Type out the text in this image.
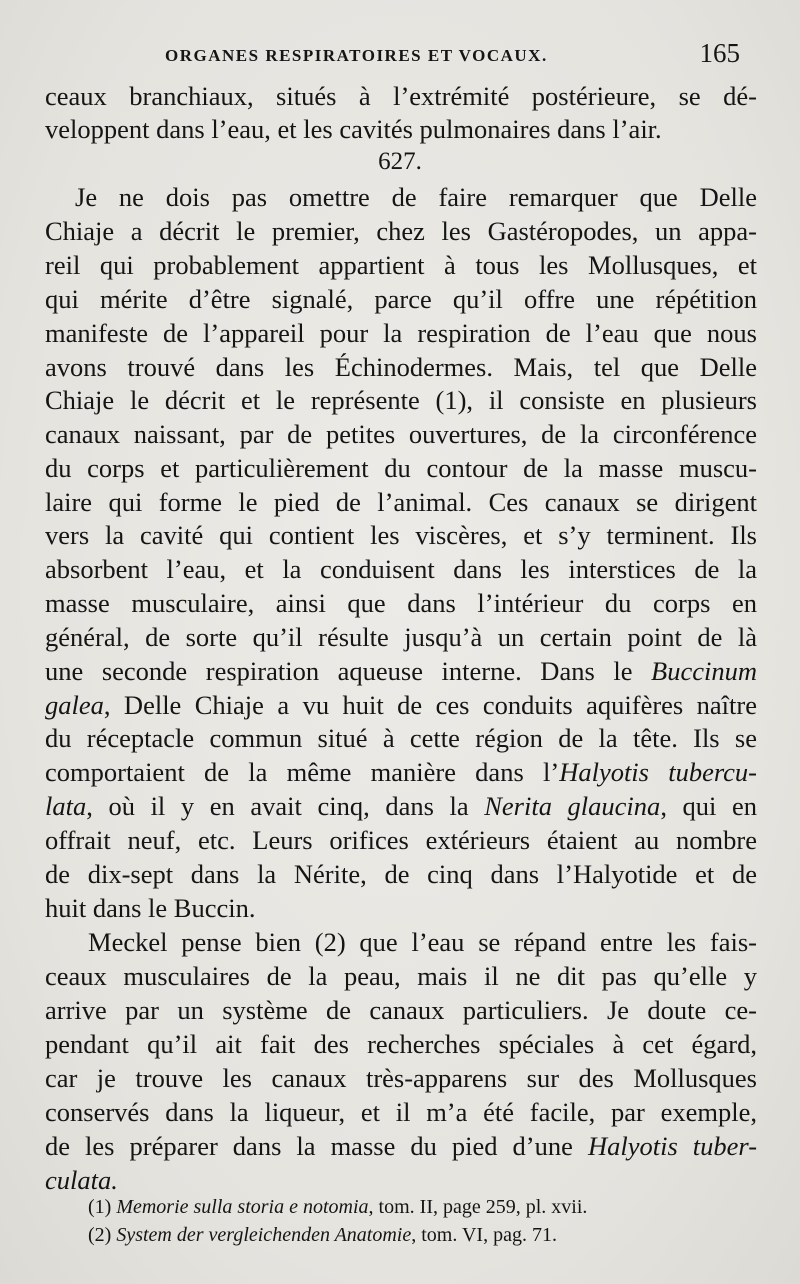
ORGANES RESPIRATOIRES ET VOCAUX.	165
ceaux branchiaux, situés à l’extrémité postérieure, se dé-
veloppent dans l’eau, et les cavités pulmonaires dans l’air.
627.
Je ne dois pas omettre de faire remarquer que Delle
Chiaje a décrit le premier, chez les Gastéropodes, un appa-
reil qui probablement appartient à tous les Mollusques, et
qui mérite d’être signalé, parce qu’il offre une répétition
manifeste de l’appareil pour la respiration de l’eau que nous
avons trouvé dans les Échinodermes. Mais, tel que Delle
Chiaje le décrit et le représente (1), il consiste en plusieurs
canaux naissant, par de petites ouvertures, de la circonférence
du corps et particulièrement du contour de la masse muscu-
laire qui forme le pied de l’animal. Ces canaux se dirigent
vers la cavité qui contient les viscères, et s’y terminent. Ils
absorbent l’eau, et la conduisent dans les interstices de la
masse musculaire, ainsi que dans l’intérieur du corps en
général, de sorte qu’il résulte jusqu’à un certain point de là
une seconde respiration aqueuse interne. Dans le Buccinum
galea, Delle Chiaje a vu huit de ces conduits aquifères naître
du réceptacle commun situé à cette région de la tête. Ils se
comportaient de la même manière dans l’Halyotis tubercu-
lata, où il y en avait cinq, dans la Nerita glaucina, qui en
offrait neuf, etc. Leurs orifices extérieurs étaient au nombre
de dix-sept dans la Nérite, de cinq dans l’Halyotide et de
huit dans le Buccin.
Meckel pense bien (2) que l’eau se répand entre les fais-
ceaux musculaires de la peau, mais il ne dit pas qu’elle y
arrive par un système de canaux particuliers. Je doute ce-
pendant qu’il ait fait des recherches spéciales à cet égard,
car je trouve les canaux très-apparens sur des Mollusques
conservés dans la liqueur, et il m’a été facile, par exemple,
de les préparer dans la masse du pied d’une Halyotis tuber-
culata.
(1) Memorie sulla storia e notomia, tom. II, page 259, pl. xvii.
(2) System der vergleichenden Anatomie, tom. VI, pag. 71.
